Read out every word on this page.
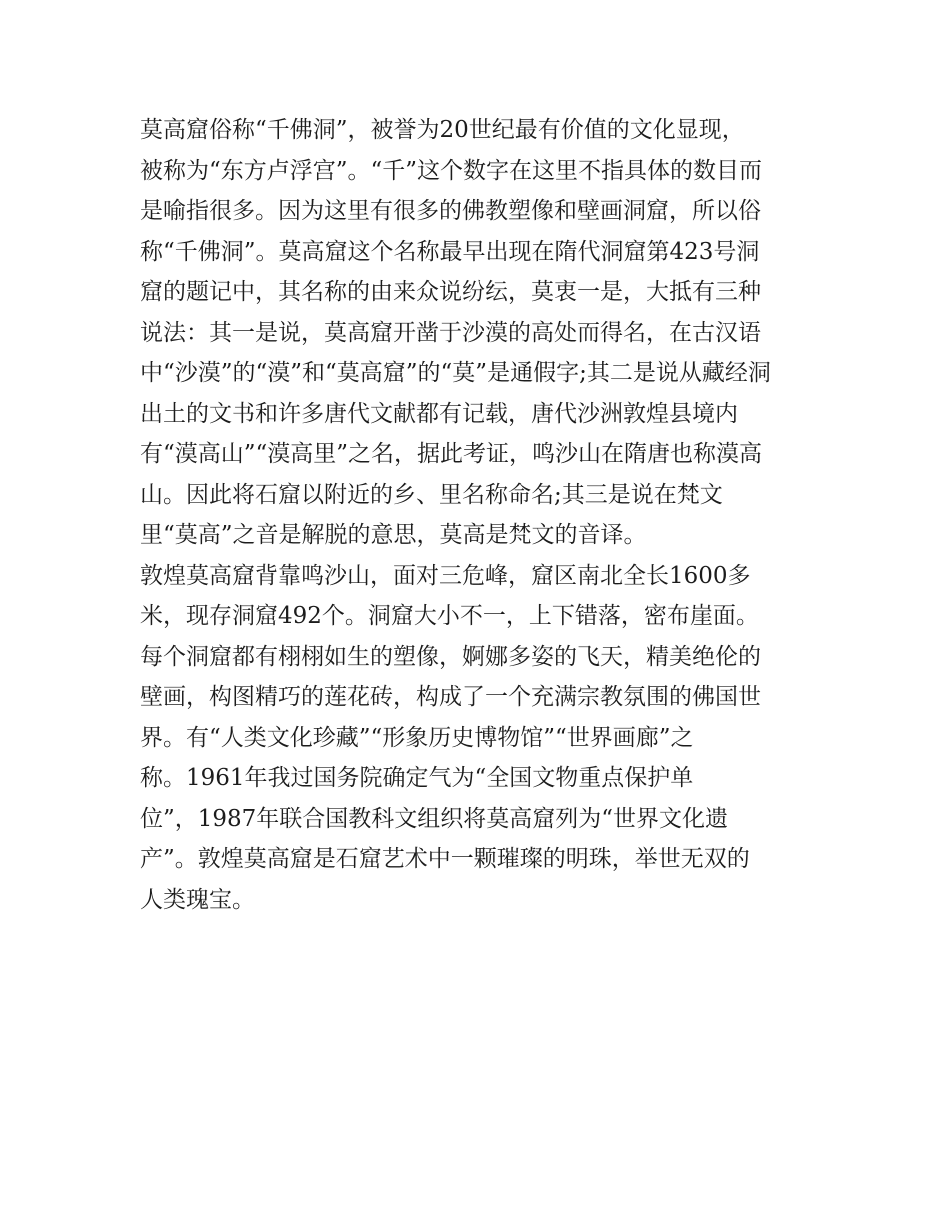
莫高窟俗称“千佛洞”，被誉为20世纪最有价值的文化显现，
被称为“东方卢浮宫”。“千”这个数字在这里不指具体的数目而
是喻指很多。因为这里有很多的佛教塑像和壁画洞窟，所以俗
称“千佛洞”。莫高窟这个名称最早出现在隋代洞窟第423号洞
窟的题记中，其名称的由来众说纷纭，莫衷一是，大抵有三种
说法：其一是说，莫高窟开凿于沙漠的高处而得名，在古汉语
中“沙漠”的“漠”和“莫高窟”的“莫”是通假字;其二是说从藏经洞
出土的文书和许多唐代文献都有记载，唐代沙洲敦煌县境内
有“漠高山”“漠高里”之名，据此考证，鸣沙山在隋唐也称漠高
山。因此将石窟以附近的乡、里名称命名;其三是说在梵文
里“莫高”之音是解脱的意思，莫高是梵文的音译。
敦煌莫高窟背靠鸣沙山，面对三危峰，窟区南北全长1600多
米，现存洞窟492个。洞窟大小不一，上下错落，密布崖面。
每个洞窟都有栩栩如生的塑像，婀娜多姿的飞天，精美绝伦的
壁画，构图精巧的莲花砖，构成了一个充满宗教氛围的佛国世
界。有“人类文化珍藏”“形象历史博物馆”“世界画廊”之
称。1961年我过国务院确定气为“全国文物重点保护单
位”，1987年联合国教科文组织将莫高窟列为“世界文化遗
产”。敦煌莫高窟是石窟艺术中一颗璀璨的明珠，举世无双的
人类瑰宝。
